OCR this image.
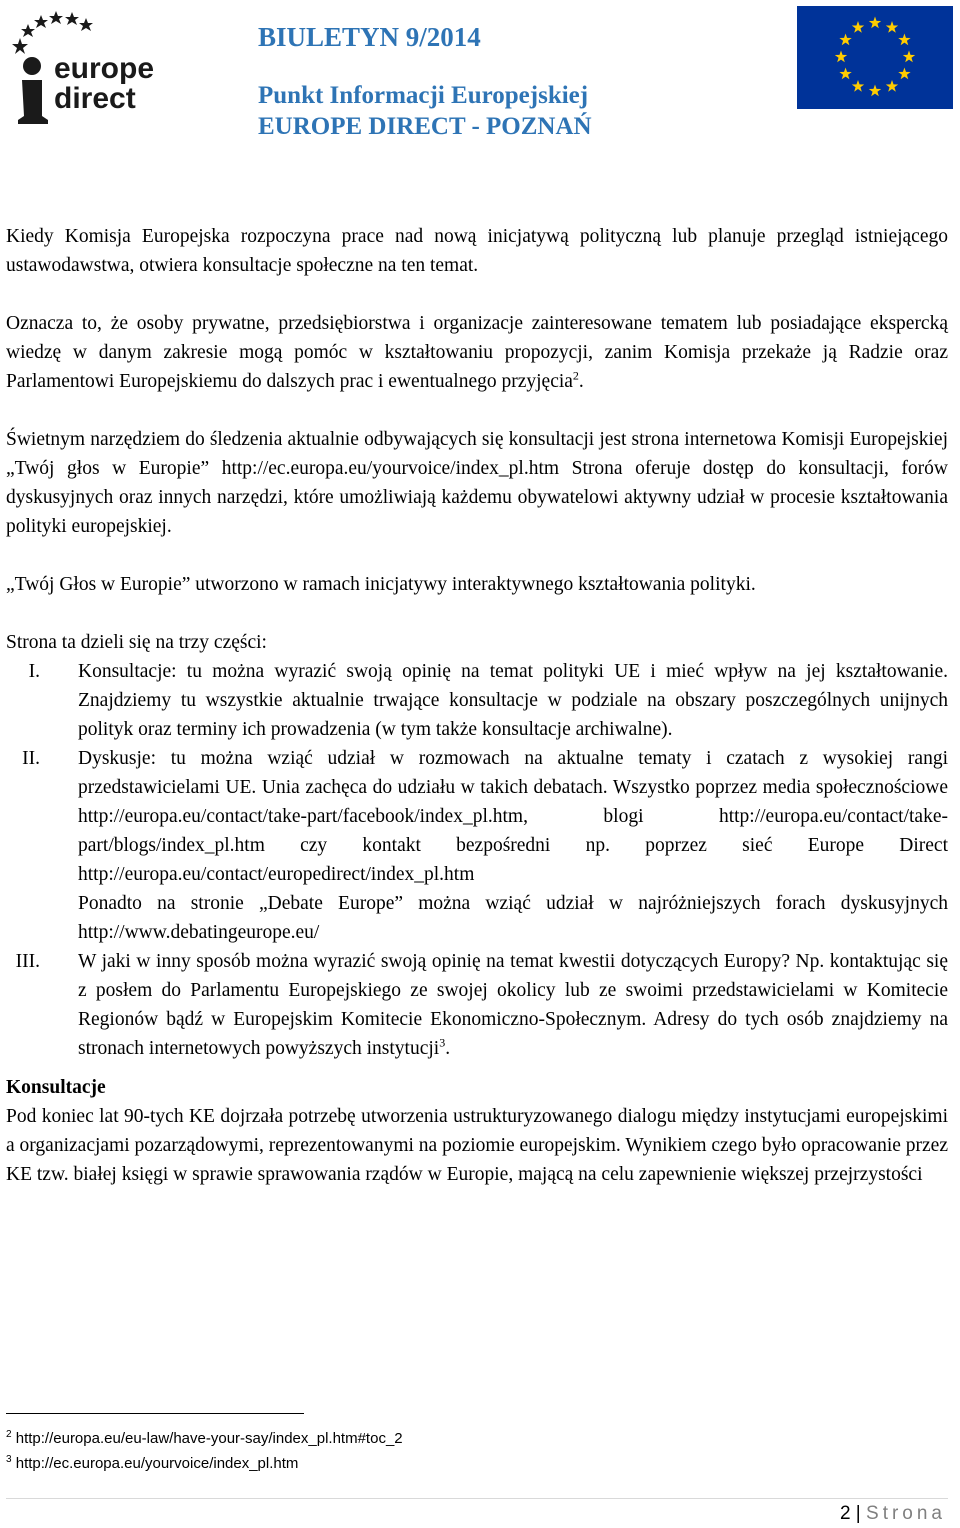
europe
direct
BIULETYN 9/2014
Punkt Informacji Europejskiej
EUROPE DIRECT - POZNAŃ

Kiedy Komisja Europejska rozpoczyna prace nad nową inicjatywą polityczną lub planuje przegląd istniejącego ustawodawstwa, otwiera konsultacje społeczne na ten temat.

Oznacza to, że osoby prywatne, przedsiębiorstwa i organizacje zainteresowane tematem lub posiadające ekspercką wiedzę w danym zakresie mogą pomóc w kształtowaniu propozycji, zanim Komisja przekaże ją Radzie oraz Parlamentowi Europejskiemu do dalszych prac i ewentualnego przyjęcia$^2$.

Świetnym narzędziem do śledzenia aktualnie odbywających się konsultacji jest strona internetowa Komisji Europejskiej „Twój głos w Europie” http://ec.europa.eu/yourvoice/index_pl.htm Strona oferuje dostęp do konsultacji, forów dyskusyjnych oraz innych narzędzi, które umożliwiają każdemu obywatelowi aktywny udział w procesie kształtowania polityki europejskiej.

„Twój Głos w Europie” utworzono w ramach inicjatywy interaktywnego kształtowania polityki.

Strona ta dzieli się na trzy części:

I. Konsultacje: tu można wyrazić swoją opinię na temat polityki UE i mieć wpływ na jej kształtowanie. Znajdziemy tu wszystkie aktualnie trwające konsultacje w podziale na obszary poszczególnych unijnych polityk oraz terminy ich prowadzenia (w tym także konsultacje archiwalne).

II. Dyskusje: tu można wziąć udział w rozmowach na aktualne tematy i czatach z wysokiej rangi przedstawicielami UE. Unia zachęca do udziału w takich debatach. Wszystko poprzez media społecznościowe http://europa.eu/contact/take-part/facebook/index_pl.htm, blogi http://europa.eu/contact/take-part/blogs/index_pl.htm czy kontakt bezpośredni np. poprzez sieć Europe Direct http://europa.eu/contact/europedirect/index_pl.htm

Ponadto na stronie „Debate Europe” można wziąć udział w najróżniejszych forach dyskusyjnych http://www.debatingeurope.eu/

III. W jaki w inny sposób można wyrazić swoją opinię na temat kwestii dotyczących Europy? Np. kontaktując się z posłem do Parlamentu Europejskiego ze swojej okolicy lub ze swoimi przedstawicielami w Komitecie Regionów bądź w Europejskim Komitecie Ekonomiczno-Społecznym. Adresy do tych osób znajdziemy na stronach internetowych powyższych instytucji$^3$.

Konsultacje

Pod koniec lat 90-tych KE dojrzała potrzebę utworzenia ustrukturyzowanego dialogu między instytucjami europejskimi a organizacjami pozarządowymi, reprezentowanymi na poziomie europejskim. Wynikiem czego było opracowanie przez KE tzw. białej księgi w sprawie sprawowania rządów w Europie, mającą na celu zapewnienie większej przejrzystości

$^2$ http://europa.eu/eu-law/have-your-say/index_pl.htm#toc_2
$^3$ http://ec.europa.eu/yourvoice/index_pl.htm
2 | Strona
